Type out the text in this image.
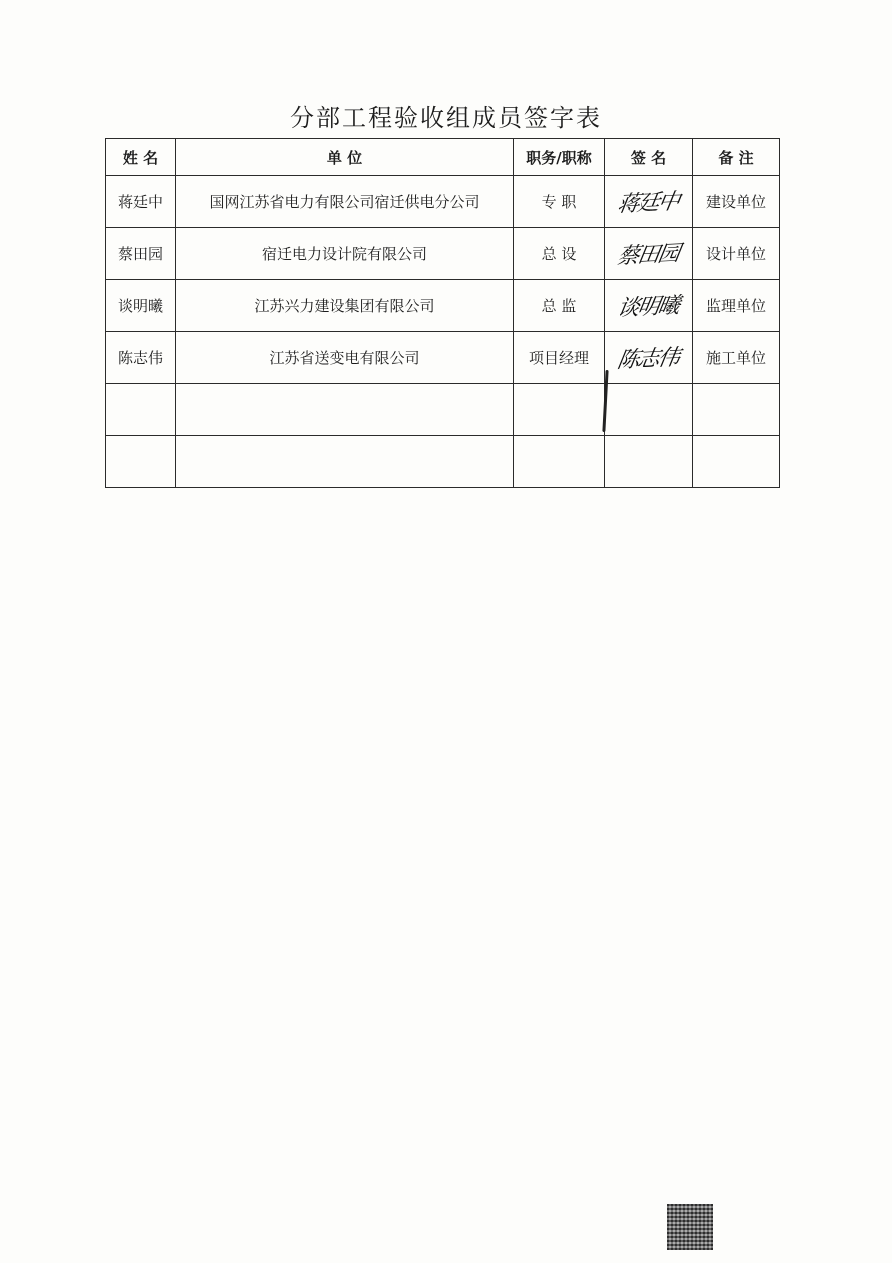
分部工程验收组成员签字表
姓 名	单 位	职务/职称	签 名	备 注
蒋廷中	国网江苏省电力有限公司宿迁供电分公司	专 职	蒋廷中	建设单位
蔡田园	宿迁电力设计院有限公司	总 设	蔡田园	设计单位
谈明曦	江苏兴力建设集团有限公司	总 监	谈明曦	监理单位
陈志伟	江苏省送变电有限公司	项目经理	陈志伟	施工单位
